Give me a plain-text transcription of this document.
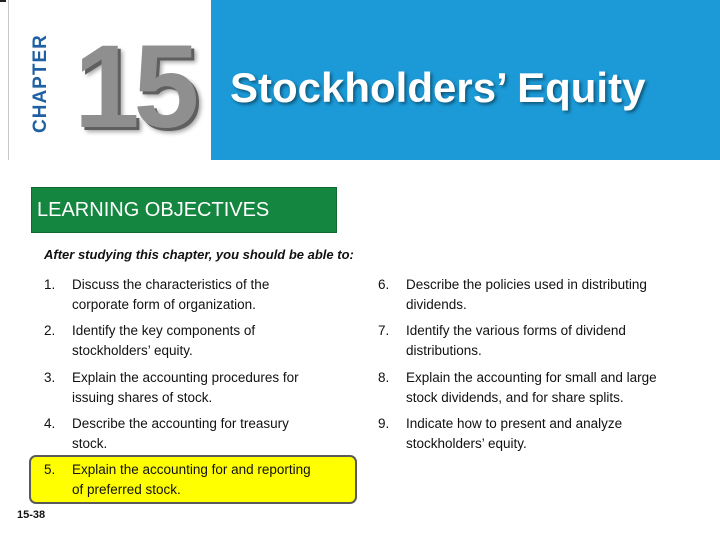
CHAPTER 15 Stockholders’ Equity
LEARNING OBJECTIVES
After studying this chapter, you should be able to:
1. Discuss the characteristics of the
corporate form of organization.
2. Identify the key components of
stockholders’ equity.
3. Explain the accounting procedures for
issuing shares of stock.
4. Describe the accounting for treasury
stock.
5. Explain the accounting for and reporting
of preferred stock.
6. Describe the policies used in distributing
dividends.
7. Identify the various forms of dividend
distributions.
8. Explain the accounting for small and large
stock dividends, and for share splits.
9. Indicate how to present and analyze
stockholders’ equity.
15-38
